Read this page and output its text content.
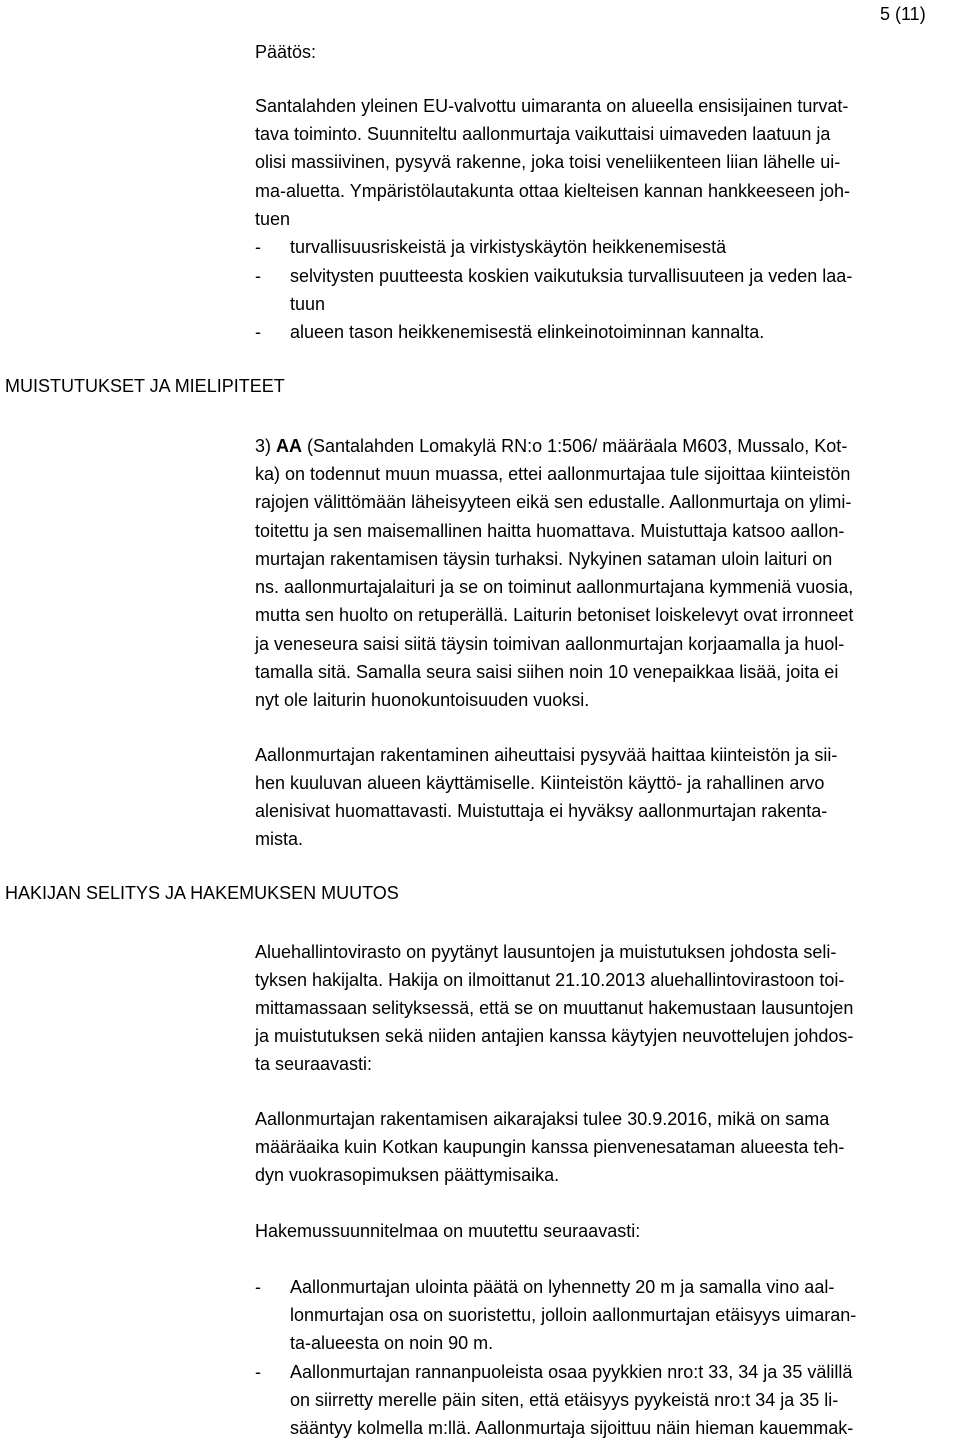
5 (11)
Päätös:
Santalahden yleinen EU-valvottu uimaranta on alueella ensisijainen turvat-
tava toiminto. Suunniteltu aallonmurtaja vaikuttaisi uimaveden laatuun ja
olisi massiivinen, pysyvä rakenne, joka toisi veneliikenteen liian lähelle ui-
ma-aluetta. Ympäristölautakunta ottaa kielteisen kannan hankkeeseen joh-
tuen
- turvallisuusriskeistä ja virkistyskäytön heikkenemisestä
- selvitysten puutteesta koskien vaikutuksia turvallisuuteen ja veden laa-
tuun
- alueen tason heikkenemisestä elinkeinotoiminnan kannalta.
MUISTUTUKSET JA MIELIPITEET
3) AA (Santalahden Lomakylä RN:o 1:506/ määräala M603, Mussalo, Kot-
ka) on todennut muun muassa, ettei aallonmurtajaa tule sijoittaa kiinteistön
rajojen välittömään läheisyyteen eikä sen edustalle. Aallonmurtaja on ylimi-
toitettu ja sen maisemallinen haitta huomattava. Muistuttaja katsoo aallon-
murtajan rakentamisen täysin turhaksi. Nykyinen sataman uloin laituri on
ns. aallonmurtajalaituri ja se on toiminut aallonmurtajana kymmeniä vuosia,
mutta sen huolto on retuperällä. Laiturin betoniset loiskelevyt ovat irronneet
ja veneseura saisi siitä täysin toimivan aallonmurtajan korjaamalla ja huol-
tamalla sitä. Samalla seura saisi siihen noin 10 venepaikkaa lisää, joita ei
nyt ole laiturin huonokuntoisuuden vuoksi.
Aallonmurtajan rakentaminen aiheuttaisi pysyvää haittaa kiinteistön ja sii-
hen kuuluvan alueen käyttämiselle. Kiinteistön käyttö- ja rahallinen arvo
alenisivat huomattavasti. Muistuttaja ei hyväksy aallonmurtajan rakenta-
mista.
HAKIJAN SELITYS JA HAKEMUKSEN MUUTOS
Aluehallintovirasto on pyytänyt lausuntojen ja muistutuksen johdosta seli-
tyksen hakijalta. Hakija on ilmoittanut 21.10.2013 aluehallintovirastoon toi-
mittamassaan selityksessä, että se on muuttanut hakemustaan lausuntojen
ja muistutuksen sekä niiden antajien kanssa käytyjen neuvottelujen johdos-
ta seuraavasti:
Aallonmurtajan rakentamisen aikarajaksi tulee 30.9.2016, mikä on sama
määräaika kuin Kotkan kaupungin kanssa pienvenesataman alueesta teh-
dyn vuokrasopimuksen päättymisaika.
Hakemussuunnitelmaa on muutettu seuraavasti:
- Aallonmurtajan ulointa päätä on lyhennetty 20 m ja samalla vino aal-
lonmurtajan osa on suoristettu, jolloin aallonmurtajan etäisyys uimaran-
ta-alueesta on noin 90 m.
- Aallonmurtajan rannanpuoleista osaa pyykkien nro:t 33, 34 ja 35 välillä
on siirretty merelle päin siten, että etäisyys pyykeistä nro:t 34 ja 35 li-
sääntyy kolmella m:llä. Aallonmurtaja sijoittuu näin hieman kauemmak-
